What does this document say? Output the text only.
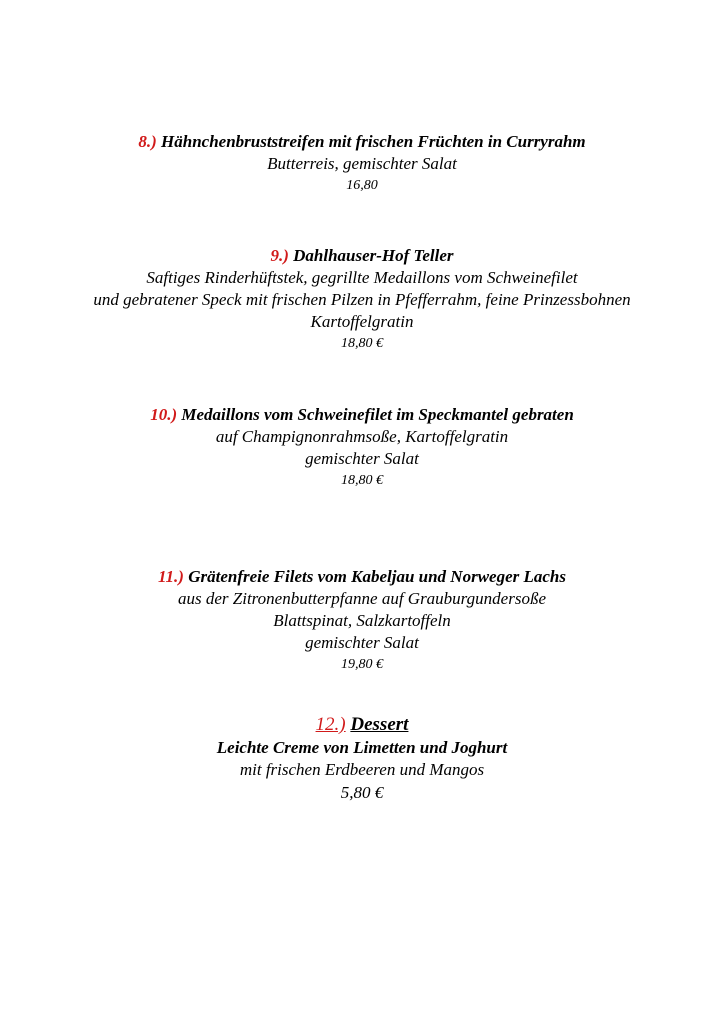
8.) Hähnchenbruststreifen mit frischen Früchten in Curryrahm
Butterreis, gemischter Salat
16,80
9.) Dahlhauser-Hof Teller
Saftiges Rinderhüftstek, gegrillte Medaillons vom Schweinefilet
und gebratener Speck mit frischen Pilzen in Pfefferrahm, feine Prinzessbohnen
Kartoffelgratin
18,80 €
10.) Medaillons vom Schweinefilet im Speckmantel gebraten
auf Champignonrahmsoße, Kartoffelgratin
gemischter Salat
18,80 €
11.) Grätenfreie Filets vom Kabeljau und Norweger Lachs
aus der Zitronenbutterpfanne auf Grauburgundersoße
Blattspinat, Salzkartoffeln
gemischter Salat
19,80 €
12.) Dessert
Leichte Creme von Limetten und Joghurt
mit frischen Erdbeeren und Mangos
5,80 €
